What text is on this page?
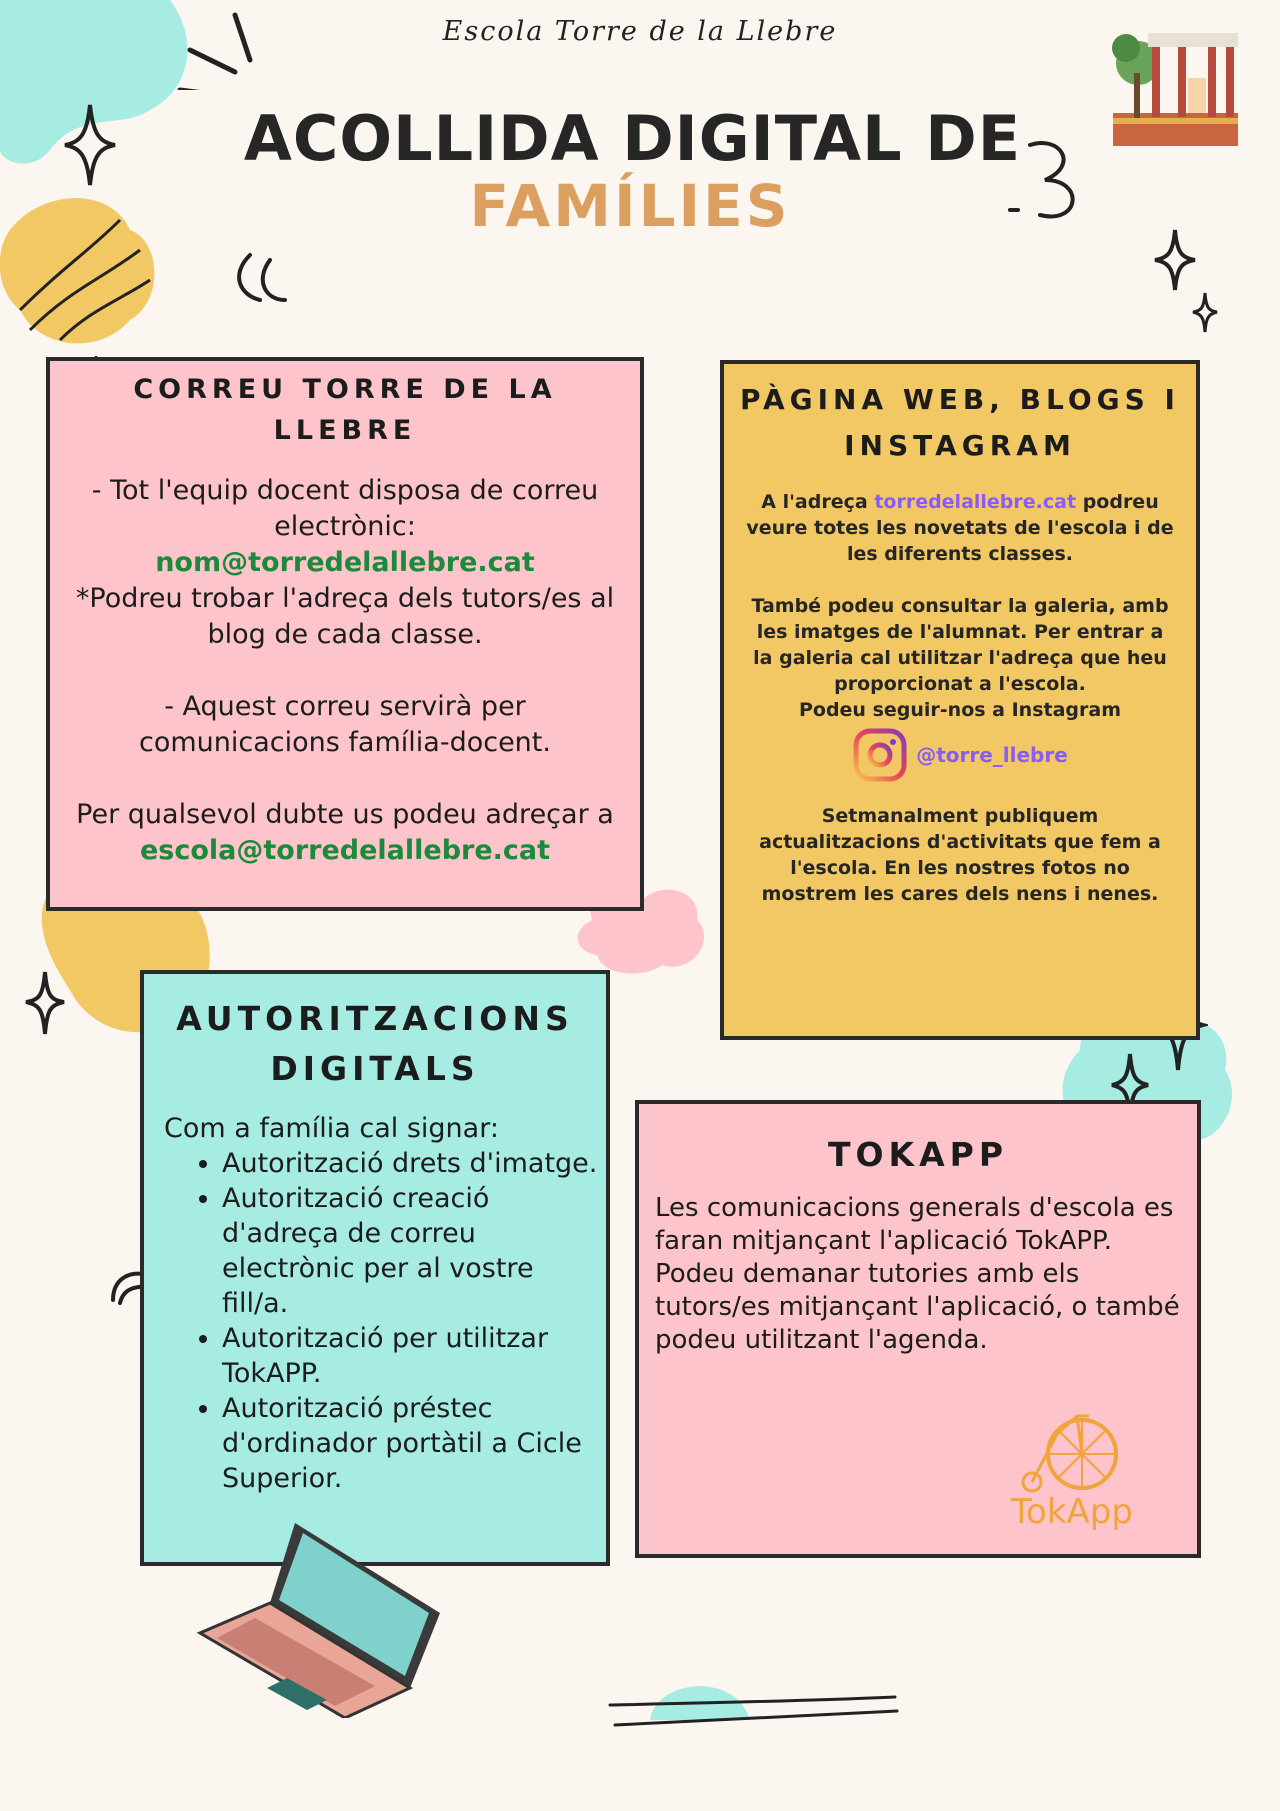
Escola Torre de la Llebre
ACOLLIDA DIGITAL DE
FAMÍLIES
CORREU TORRE DE LA LLEBRE
- Tot l'equip docent disposa de correu electrònic:
nom@torredelallebre.cat
*Podreu trobar l'adreça dels tutors/es al blog de cada classe.
- Aquest correu servirà per comunicacions família-docent.
Per qualsevol dubte us podeu adreçar a
escola@torredelallebre.cat
PÀGINA WEB, BLOGS I INSTAGRAM
A l'adreça torredelallebre.cat podreu veure totes les novetats de l'escola i de les diferents classes.
També podeu consultar la galeria, amb les imatges de l'alumnat. Per entrar a la galeria cal utilitzar l'adreça que heu proporcionat a l'escola.
Podeu seguir-nos a Instagram
@torre_llebre
Setmanalment publiquem actualitzacions d'activitats que fem a l'escola. En les nostres fotos no mostrem les cares dels nens i nenes.
AUTORITZACIONS DIGITALS
Com a família cal signar:
• Autorització drets d'imatge.
• Autorització creació d'adreça de correu electrònic per al vostre fill/a.
• Autorització per utilitzar TokAPP.
• Autorització préstec d'ordinador portàtil a Cicle Superior.
TOKAPP
Les comunicacions generals d'escola es faran mitjançant l'aplicació TokAPP.
Podeu demanar tutories amb els tutors/es mitjançant l'aplicació, o també podeu utilitzant l'agenda.
TokApp
